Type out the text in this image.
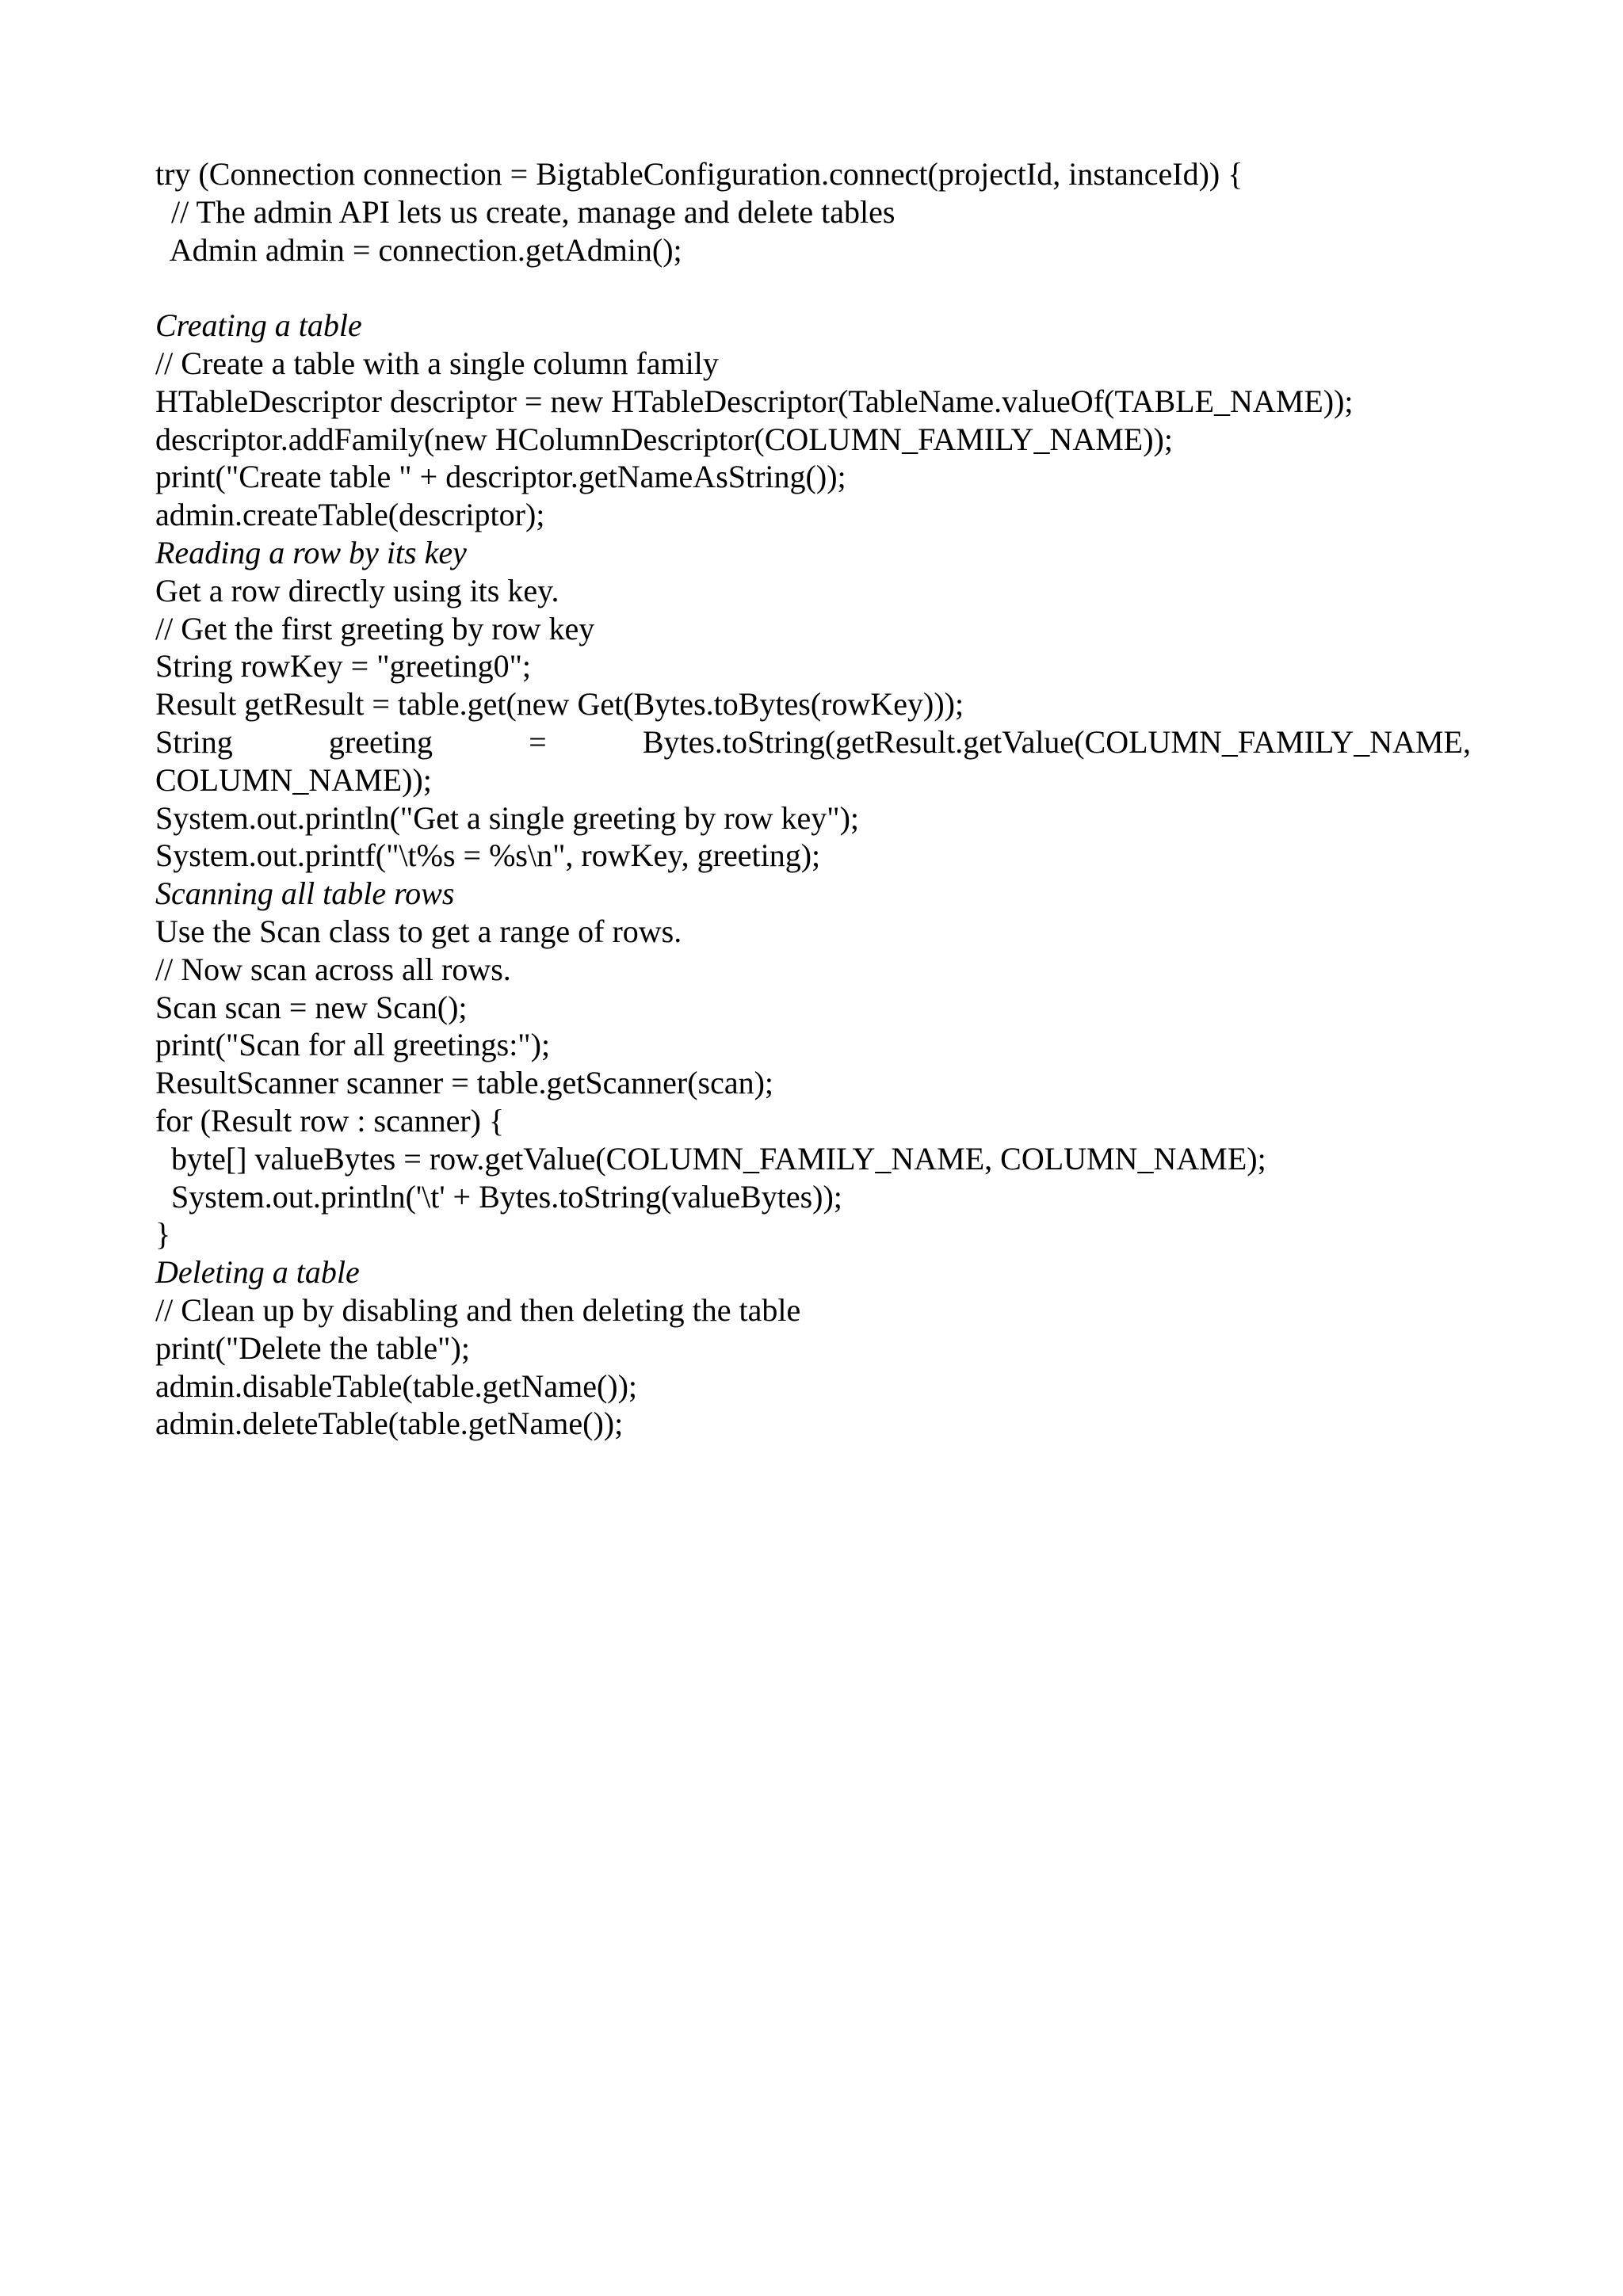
try (Connection connection = BigtableConfiguration.connect(projectId, instanceId)) {
// The admin API lets us create, manage and delete tables
Admin admin = connection.getAdmin();
Creating a table
// Create a table with a single column family
HTableDescriptor descriptor = new HTableDescriptor(TableName.valueOf(TABLE_NAME));
descriptor.addFamily(new HColumnDescriptor(COLUMN_FAMILY_NAME));
print("Create table " + descriptor.getNameAsString());
admin.createTable(descriptor);
Reading a row by its key
Get a row directly using its key.
// Get the first greeting by row key
String rowKey = "greeting0";
Result getResult = table.get(new Get(Bytes.toBytes(rowKey)));
String greeting = Bytes.toString(getResult.getValue(COLUMN_FAMILY_NAME, COLUMN_NAME));
System.out.println("Get a single greeting by row key");
System.out.printf("\t%s = %s\n", rowKey, greeting);
Scanning all table rows
Use the Scan class to get a range of rows.
// Now scan across all rows.
Scan scan = new Scan();
print("Scan for all greetings:");
ResultScanner scanner = table.getScanner(scan);
for (Result row : scanner) {
byte[] valueBytes = row.getValue(COLUMN_FAMILY_NAME, COLUMN_NAME);
System.out.println('\t' + Bytes.toString(valueBytes));
}
Deleting a table
// Clean up by disabling and then deleting the table
print("Delete the table");
admin.disableTable(table.getName());
admin.deleteTable(table.getName());
